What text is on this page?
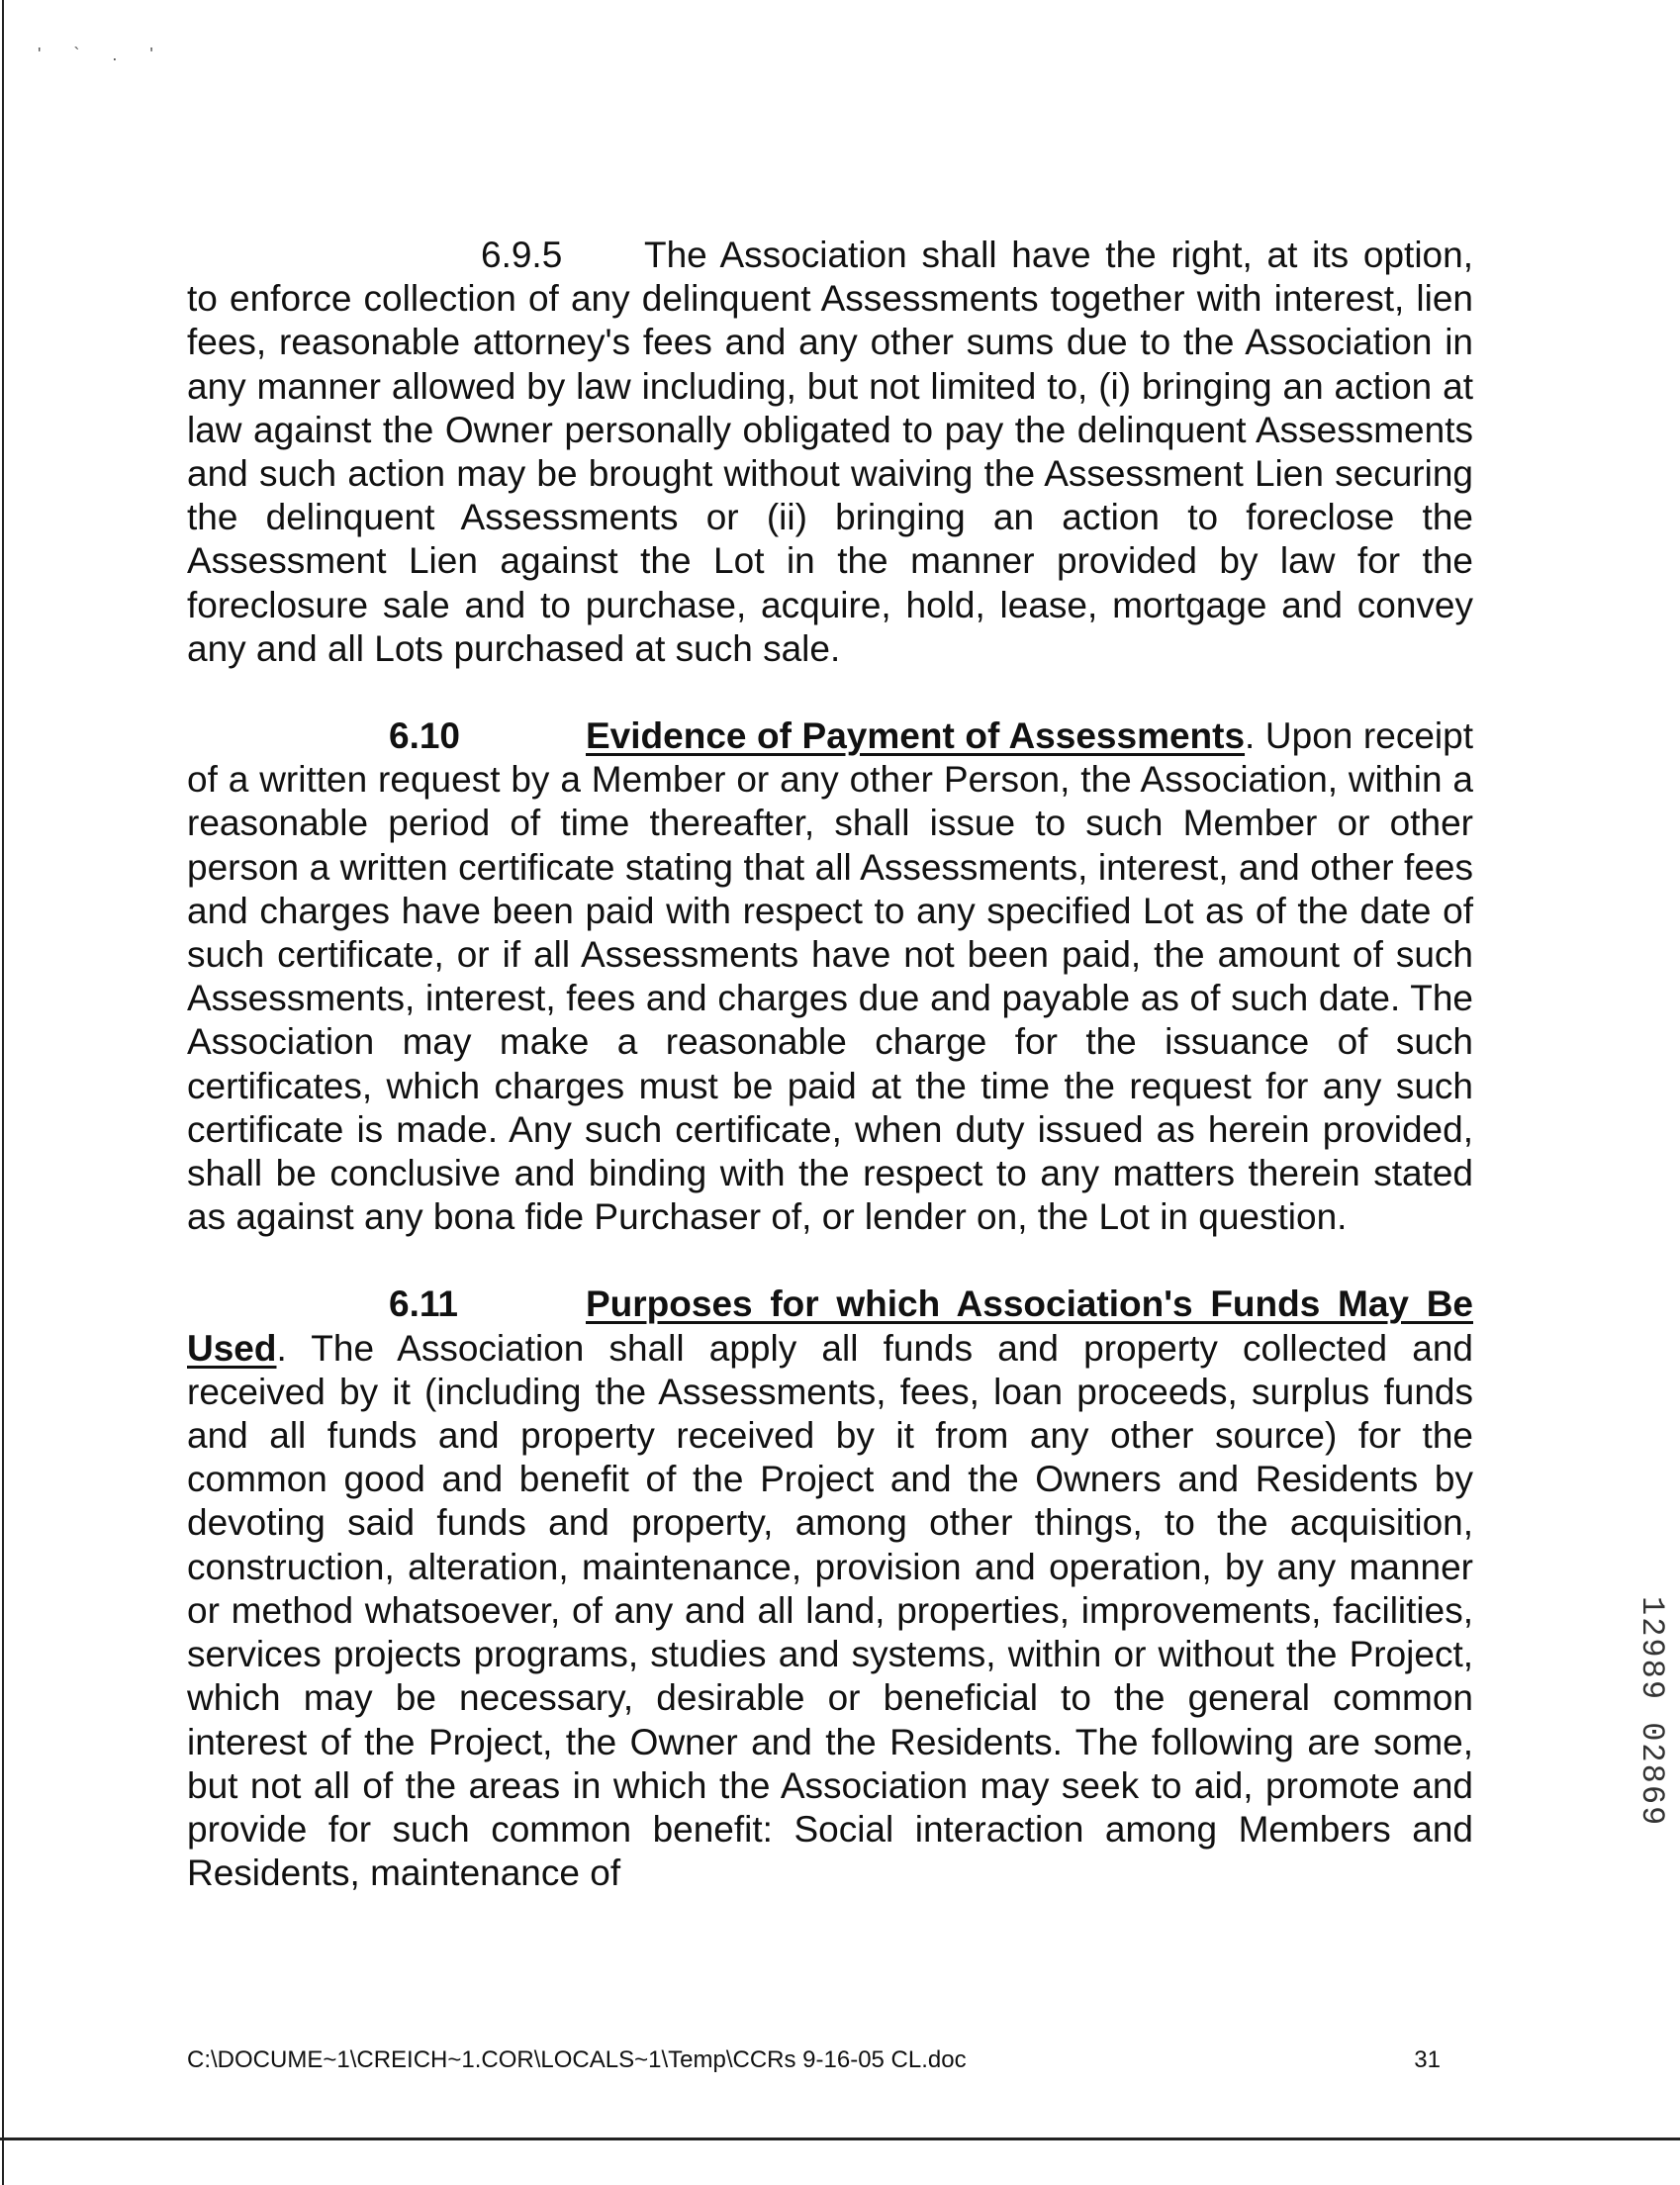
' ` . '

6.9.5 The Association shall have the right, at its option, to enforce collection of any delinquent Assessments together with interest, lien fees, reasonable attorney's fees and any other sums due to the Association in any manner allowed by law including, but not limited to, (i) bringing an action at law against the Owner personally obligated to pay the delinquent Assessments and such action may be brought without waiving the Assessment Lien securing the delinquent Assessments or (ii) bringing an action to foreclose the Assessment Lien against the Lot in the manner provided by law for the foreclosure sale and to purchase, acquire, hold, lease, mortgage and convey any and all Lots purchased at such sale.

6.10	Evidence of Payment of Assessments. Upon receipt of a written request by a Member or any other Person, the Association, within a reasonable period of time thereafter, shall issue to such Member or other person a written certificate stating that all Assessments, interest, and other fees and charges have been paid with respect to any specified Lot as of the date of such certificate, or if all Assessments have not been paid, the amount of such Assessments, interest, fees and charges due and payable as of such date. The Association may make a reasonable charge for the issuance of such certificates, which charges must be paid at the time the request for any such certificate is made. Any such certificate, when duty issued as herein provided, shall be conclusive and binding with the respect to any matters therein stated as against any bona fide Purchaser of, or lender on, the Lot in question.

6.11	Purposes for which Association's Funds May Be Used. The Association shall apply all funds and property collected and received by it (including the Assessments, fees, loan proceeds, surplus funds and all funds and property received by it from any other source) for the common good and benefit of the Project and the Owners and Residents by devoting said funds and property, among other things, to the acquisition, construction, alteration, maintenance, provision and operation, by any manner or method whatsoever, of any and all land, properties, improvements, facilities, services projects programs, studies and systems, within or without the Project, which may be necessary, desirable or beneficial to the general common interest of the Project, the Owner and the Residents. The following are some, but not all of the areas in which the Association may seek to aid, promote and provide for such common benefit: Social interaction among Members and Residents, maintenance of

C:\DOCUME~1\CREICH~1.COR\LOCALS~1\Temp\CCRs 9-16-05 CL.doc	31
12989 02869
